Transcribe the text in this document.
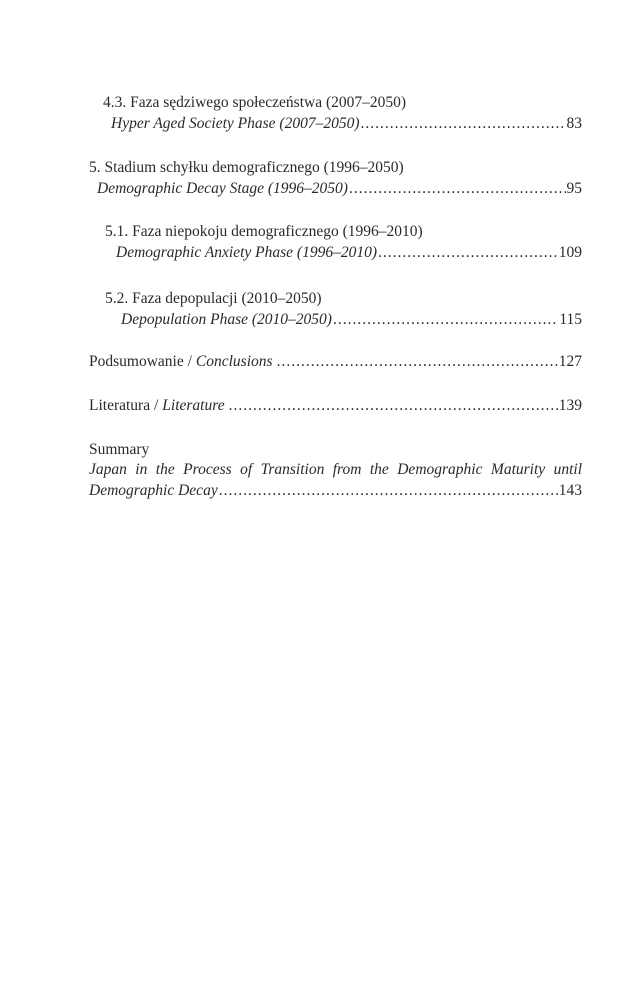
4.3. Faza sędziwego społeczeństwa (2007–2050)
Hyper Aged Society Phase (2007–2050) .....	83
5. Stadium schyłku demograficznego (1996–2050)
Demographic Decay Stage (1996–2050) .....	95
5.1. Faza niepokoju demograficznego (1996–2010)
Demographic Anxiety Phase (1996–2010) .....	109
5.2. Faza depopulacji (2010–2050)
Depopulation Phase (2010–2050) .....	115
Podsumowanie / Conclusions .....	127
Literatura / Literature .....	139
Summary
Japan in the Process of Transition from the Demographic Maturity until
Demographic Decay .....	143
